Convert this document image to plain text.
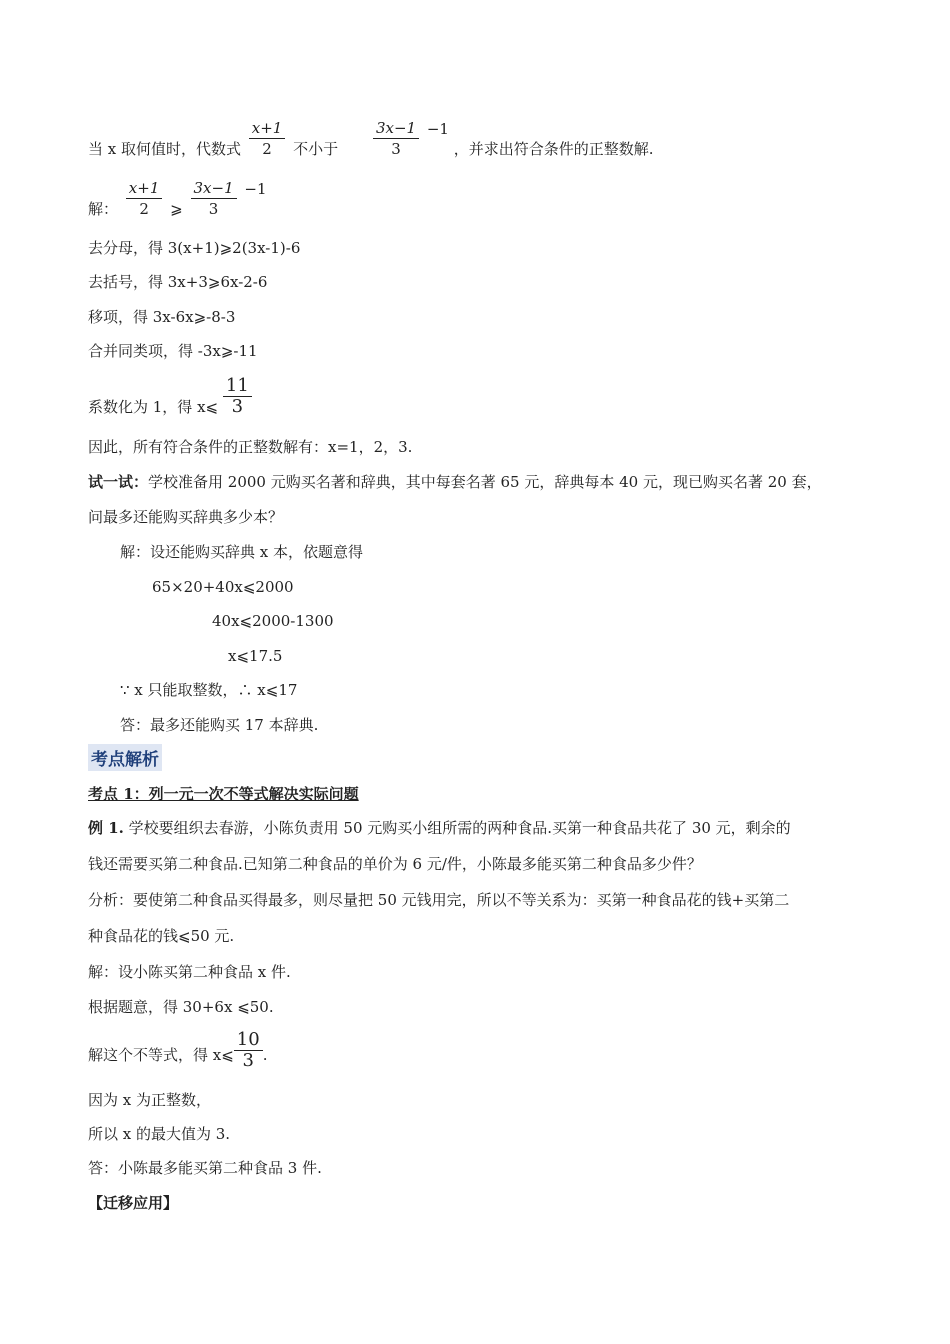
当 x 取何值时，代数式 $\frac{x+1}{2}$ 不小于 $\frac{3x-1}{3} -1$ ，并求出符合条件的正整数解.
解： $\frac{x+1}{2}$ ⩾ $\frac{3x-1}{3} -1$
去分母，得 3(x+1)⩾2(3x-1)-6
去括号，得 3x+3⩾6x-2-6
移项，得 3x-6x⩾-8-3
合并同类项，得 -3x⩾-11
系数化为 1，得 x⩽ $\frac{11}{3}$
因此，所有符合条件的正整数解有：x=1，2，3.
试一试：学校准备用 2000 元购买名著和辞典，其中每套名著 65 元，辞典每本 40 元，现已购买名著 20 套，
问最多还能购买辞典多少本？
解：设还能购买辞典 x 本，依题意得
65×20+40x⩽2000
40x⩽2000-1300
x⩽17.5
∵ x 只能取整数，∴ x⩽17
答：最多还能购买 17 本辞典.
考点解析
考点 1：列一元一次不等式解决实际问题
例 1. 学校要组织去春游，小陈负责用 50 元购买小组所需的两种食品.买第一种食品共花了 30 元，剩余的
钱还需要买第二种食品.已知第二种食品的单价为 6 元/件，小陈最多能买第二种食品多少件？
分析：要使第二种食品买得最多，则尽量把 50 元钱用完，所以不等关系为：买第一种食品花的钱+买第二
种食品花的钱⩽50 元.
解：设小陈买第二种食品 x 件.
根据题意，得 30+6x ⩽50.
解这个不等式，得 x⩽ $\frac{10}{3}$ .
因为 x 为正整数，
所以 x 的最大值为 3.
答：小陈最多能买第二种食品 3 件.
【迁移应用】
